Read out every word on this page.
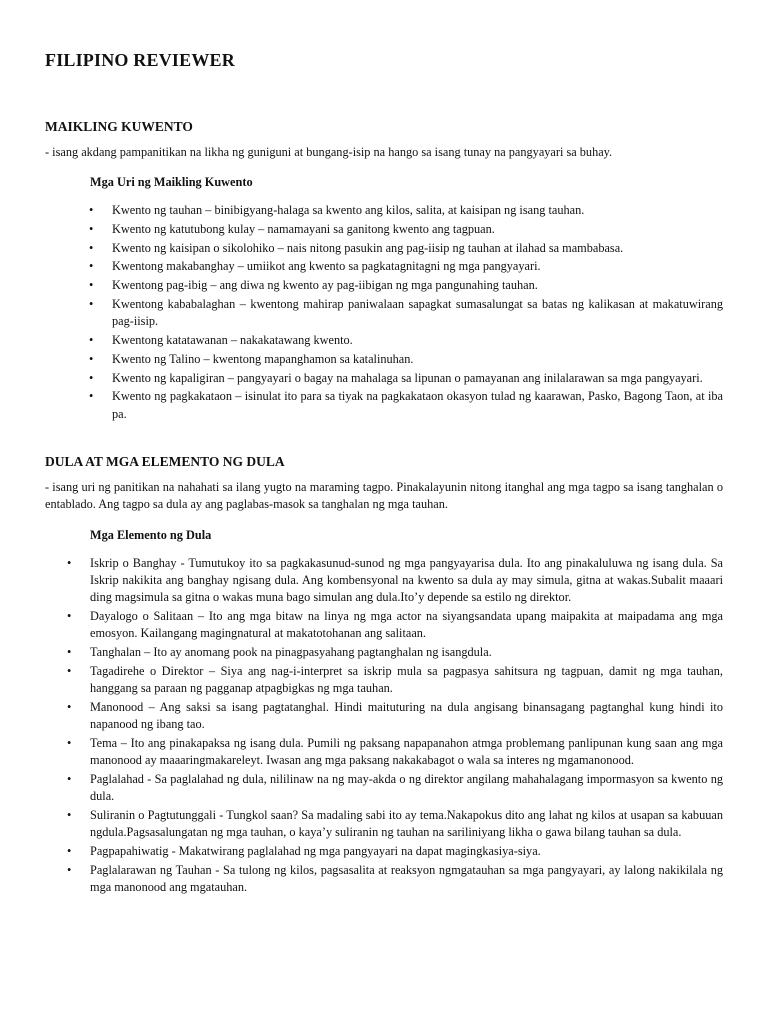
FILIPINO REVIEWER
MAIKLING KUWENTO
- isang akdang pampanitikan na likha ng guniguni at bungang-isip na hango sa isang tunay na pangyayari sa buhay.
Mga Uri ng Maikling Kuwento
• Kwento ng tauhan – binibigyang-halaga sa kwento ang kilos, salita, at kaisipan ng isang tauhan.
• Kwento ng katutubong kulay – namamayani sa ganitong kwento ang tagpuan.
• Kwento ng kaisipan o sikolohiko – nais nitong pasukin ang pag-iisip ng tauhan at ilahad sa mambabasa.
• Kwentong makabanghay – umiikot ang kwento sa pagkatagnitagni ng mga pangyayari.
• Kwentong pag-ibig – ang diwa ng kwento ay pag-iibigan ng mga pangunahing tauhan.
• Kwentong kababalaghan – kwentong mahirap paniwalaan sapagkat sumasalungat sa batas ng kalikasan at makatuwirang pag-iisip.
• Kwentong katatawanan – nakakatawang kwento.
• Kwento ng Talino – kwentong mapanghamon sa katalinuhan.
• Kwento ng kapaligiran – pangyayari o bagay na mahalaga sa lipunan o pamayanan ang inilalarawan sa mga pangyayari.
• Kwento ng pagkakataon – isinulat ito para sa tiyak na pagkakataon okasyon tulad ng kaarawan, Pasko, Bagong Taon, at iba pa.
DULA AT MGA ELEMENTO NG DULA
- isang uri ng panitikan na nahahati sa ilang yugto na maraming tagpo. Pinakalayunin nitong itanghal ang mga tagpo sa isang tanghalan o entablado. Ang tagpo sa dula ay ang paglabas-masok sa tanghalan ng mga tauhan.
Mga Elemento ng Dula
• Iskrip o Banghay - Tumutukoy ito sa pagkakasunud-sunod ng mga pangyayarisa dula. Ito ang pinakaluluwa ng isang dula. Sa Iskrip nakikita ang banghay ngisang dula. Ang kombensyonal na kwento sa dula ay may simula, gitna at wakas.Subalit maaari ding magsimula sa gitna o wakas muna bago simulan ang dula.Ito’y depende sa estilo ng direktor.
• Dayalogo o Salitaan – Ito ang mga bitaw na linya ng mga actor na siyangsandata upang maipakita at maipadama ang mga emosyon. Kailangang magingnatural at makatotohanan ang salitaan.
• Tanghalan – Ito ay anomang pook na pinagpasyahang pagtanghalan ng isangdula.
• Tagadirehe o Direktor – Siya ang nag-i-interpret sa iskrip mula sa pagpasya sahitsura ng tagpuan, damit ng mga tauhan, hanggang sa paraan ng pagganap atpagbigkas ng mga tauhan.
• Manonood – Ang saksi sa isang pagtatanghal. Hindi maituturing na dula angisang binansagang pagtanghal kung hindi ito napanood ng ibang tao.
• Tema – Ito ang pinakapaksa ng isang dula. Pumili ng paksang napapanahon atmga problemang panlipunan kung saan ang mga manonood ay maaaringmakarelеyt. Iwasan ang mga paksang nakakabagot o wala sa interes ng mgamanonood.
• Paglalahad - Sa paglalahad ng dula, nililinaw na ng may-akda o ng direktor angilang mahahalagang impormasyon sa kwento ng dula.
• Suliranin o Pagtutunggali - Tungkol saan? Sa madaling sabi ito ay tema.Nakapokus dito ang lahat ng kilos at usapan sa kabuuan ngdula.Pagsasalungatan ng mga tauhan, o kaya’y suliranin ng tauhan na sariliniyang likha o gawa bilang tauhan sa dula.
• Pagpapahiwatig - Makatwirang paglalahad ng mga pangyayari na dapat magingkasiya-siya.
• Paglalarawan ng Tauhan - Sa tulong ng kilos, pagsasalita at reaksyon ngmgatauhan sa mga pangyayari, ay lalong nakikilala ng mga manonood ang mgatauhan.
